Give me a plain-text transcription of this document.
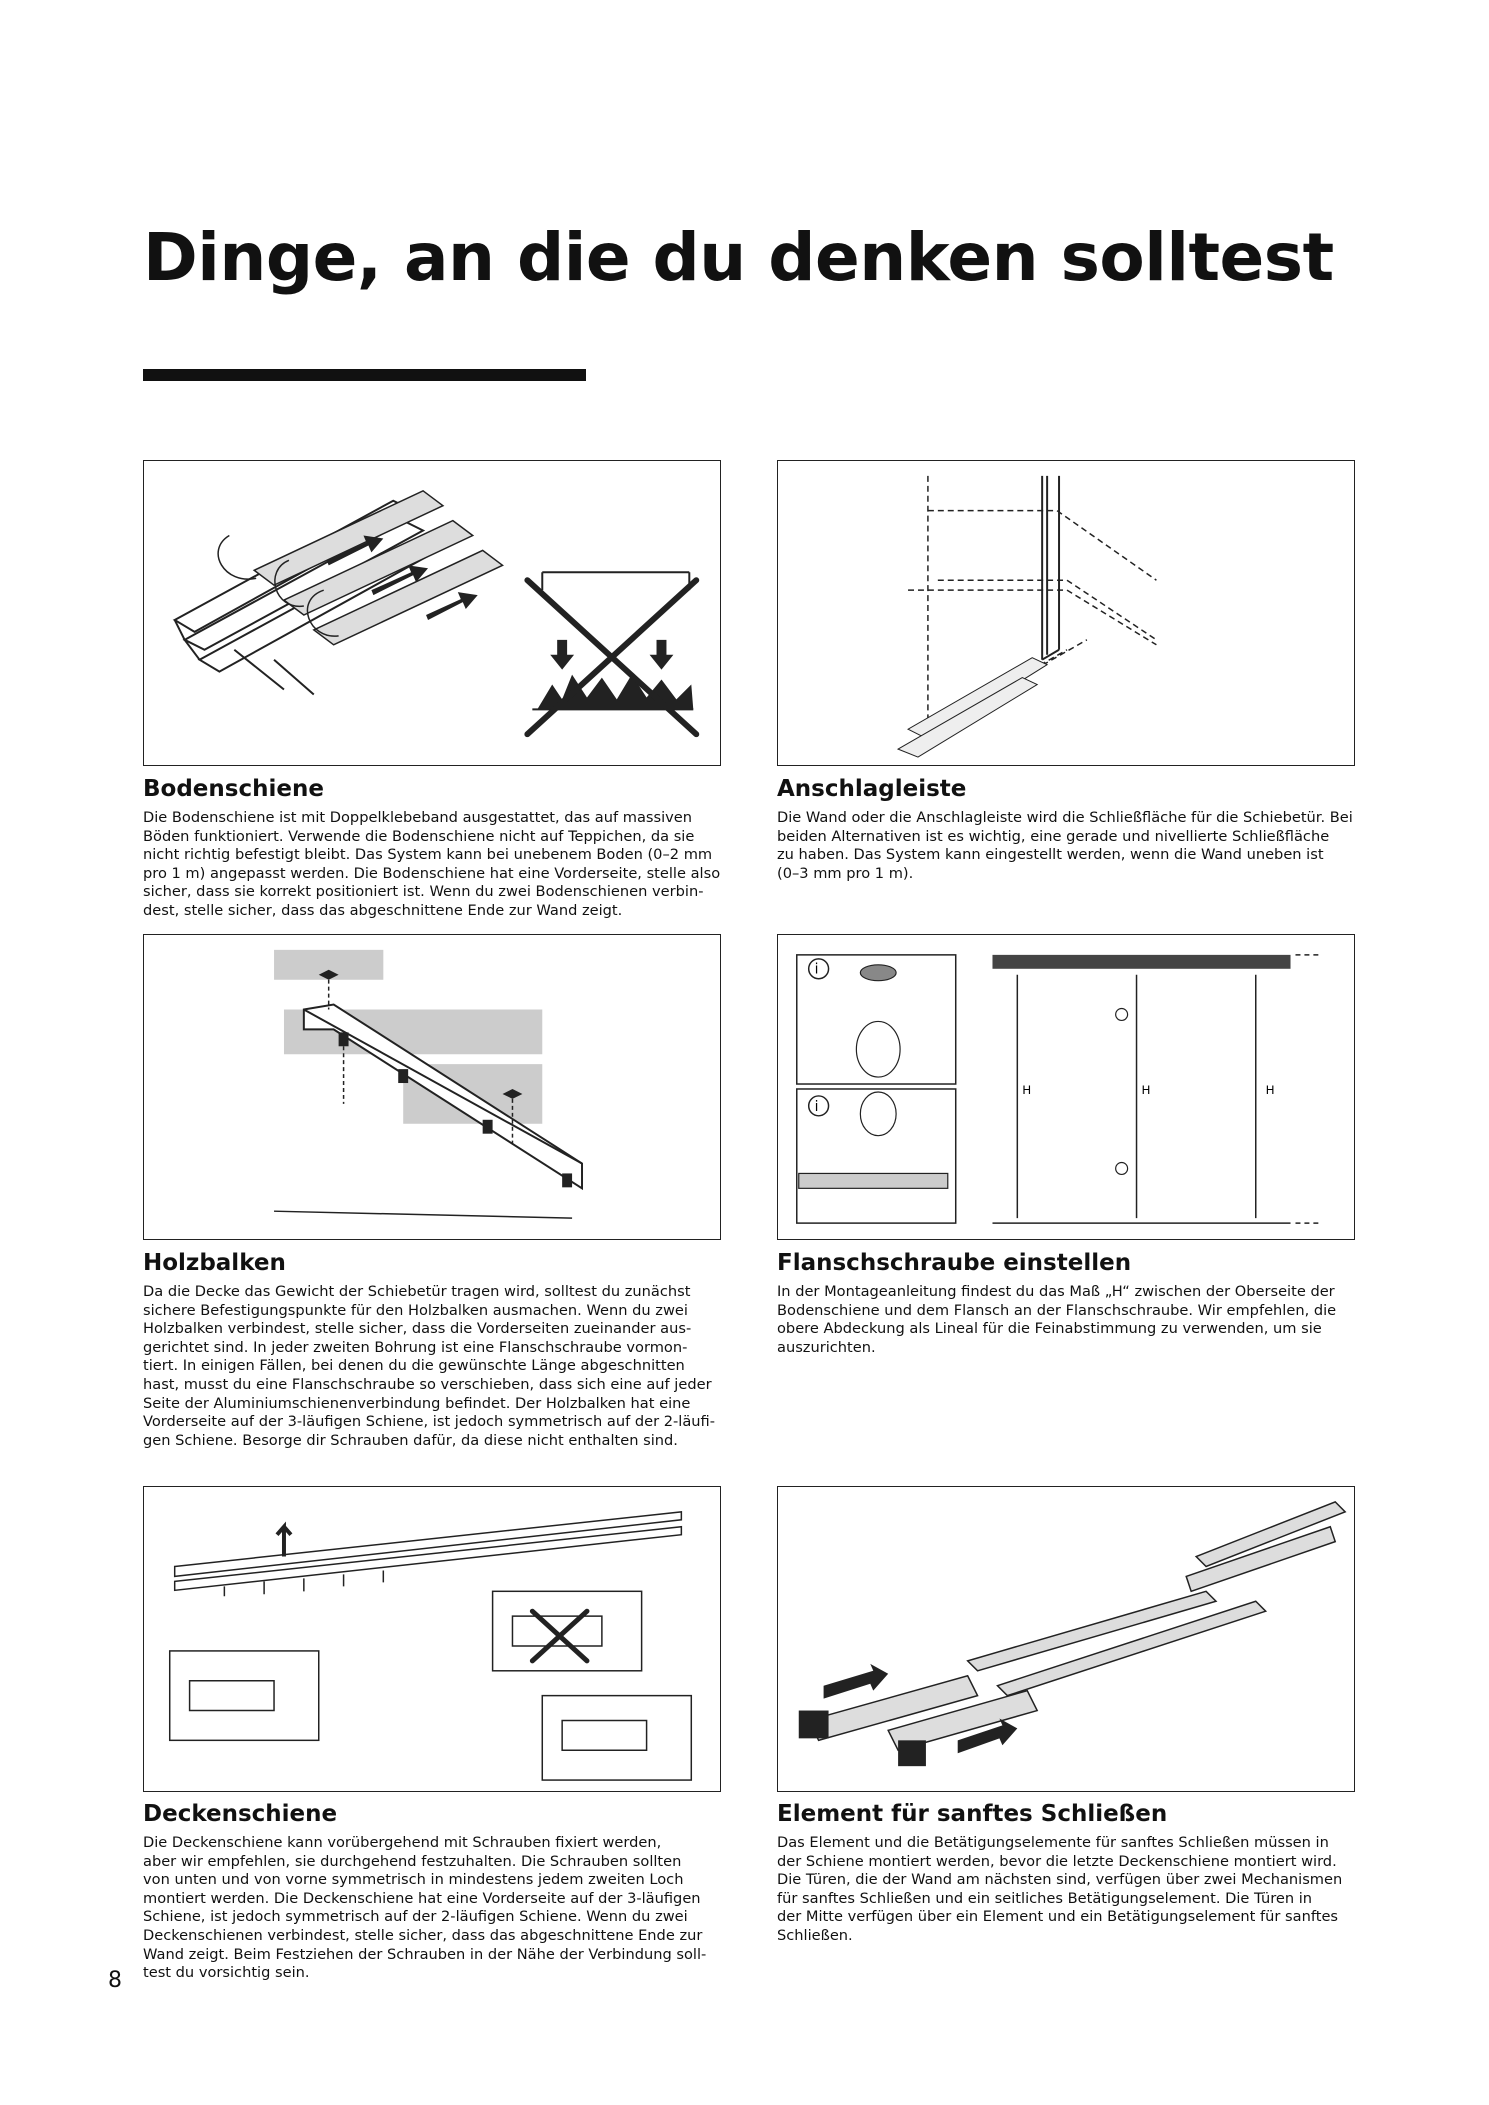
Dinge, an die du denken solltest
Bodenschiene

Die Bodenschiene ist mit Doppelklebeband ausgestattet, das auf massiven
Böden funktioniert. Verwende die Bodenschiene nicht auf Teppichen, da sie
nicht richtig befestigt bleibt. Das System kann bei unebenem Boden (0–2 mm
pro 1 m) angepasst werden. Die Bodenschiene hat eine Vorderseite, stelle also
sicher, dass sie korrekt positioniert ist. Wenn du zwei Bodenschienen verbin-
dest, stelle sicher, dass das abgeschnittene Ende zur Wand zeigt.

Anschlagleiste

Die Wand oder die Anschlagleiste wird die Schließfläche für die Schiebetür. Bei
beiden Alternativen ist es wichtig, eine gerade und nivellierte Schließfläche
zu haben. Das System kann eingestellt werden, wenn die Wand uneben ist
(0–3 mm pro 1 m).

Holzbalken

Da die Decke das Gewicht der Schiebetür tragen wird, solltest du zunächst
sichere Befestigungspunkte für den Holzbalken ausmachen. Wenn du zwei
Holzbalken verbindest, stelle sicher, dass die Vorderseiten zueinander aus-
gerichtet sind. In jeder zweiten Bohrung ist eine Flanschschraube vormon-
tiert. In einigen Fällen, bei denen du die gewünschte Länge abgeschnitten
hast, musst du eine Flanschschraube so verschieben, dass sich eine auf jeder
Seite der Aluminiumschienenverbindung befindet. Der Holzbalken hat eine
Vorderseite auf der 3-läufigen Schiene, ist jedoch symmetrisch auf der 2-läufi-
gen Schiene. Besorge dir Schrauben dafür, da diese nicht enthalten sind.

i
i
H	H	H
Flanschschraube einstellen

In der Montageanleitung findest du das Maß „H“ zwischen der Oberseite der
Bodenschiene und dem Flansch an der Flanschschraube. Wir empfehlen, die
obere Abdeckung als Lineal für die Feinabstimmung zu verwenden, um sie
auszurichten.

Deckenschiene

Die Deckenschiene kann vorübergehend mit Schrauben fixiert werden,
aber wir empfehlen, sie durchgehend festzuhalten. Die Schrauben sollten
von unten und von vorne symmetrisch in mindestens jedem zweiten Loch
montiert werden. Die Deckenschiene hat eine Vorderseite auf der 3-läufigen
Schiene, ist jedoch symmetrisch auf der 2-läufigen Schiene. Wenn du zwei
Deckenschienen verbindest, stelle sicher, dass das abgeschnittene Ende zur
Wand zeigt. Beim Festziehen der Schrauben in der Nähe der Verbindung soll-
test du vorsichtig sein.

Element für sanftes Schließen

Das Element und die Betätigungselemente für sanftes Schließen müssen in
der Schiene montiert werden, bevor die letzte Deckenschiene montiert wird.
Die Türen, die der Wand am nächsten sind, verfügen über zwei Mechanismen
für sanftes Schließen und ein seitliches Betätigungselement. Die Türen in
der Mitte verfügen über ein Element und ein Betätigungselement für sanftes
Schließen.

8
